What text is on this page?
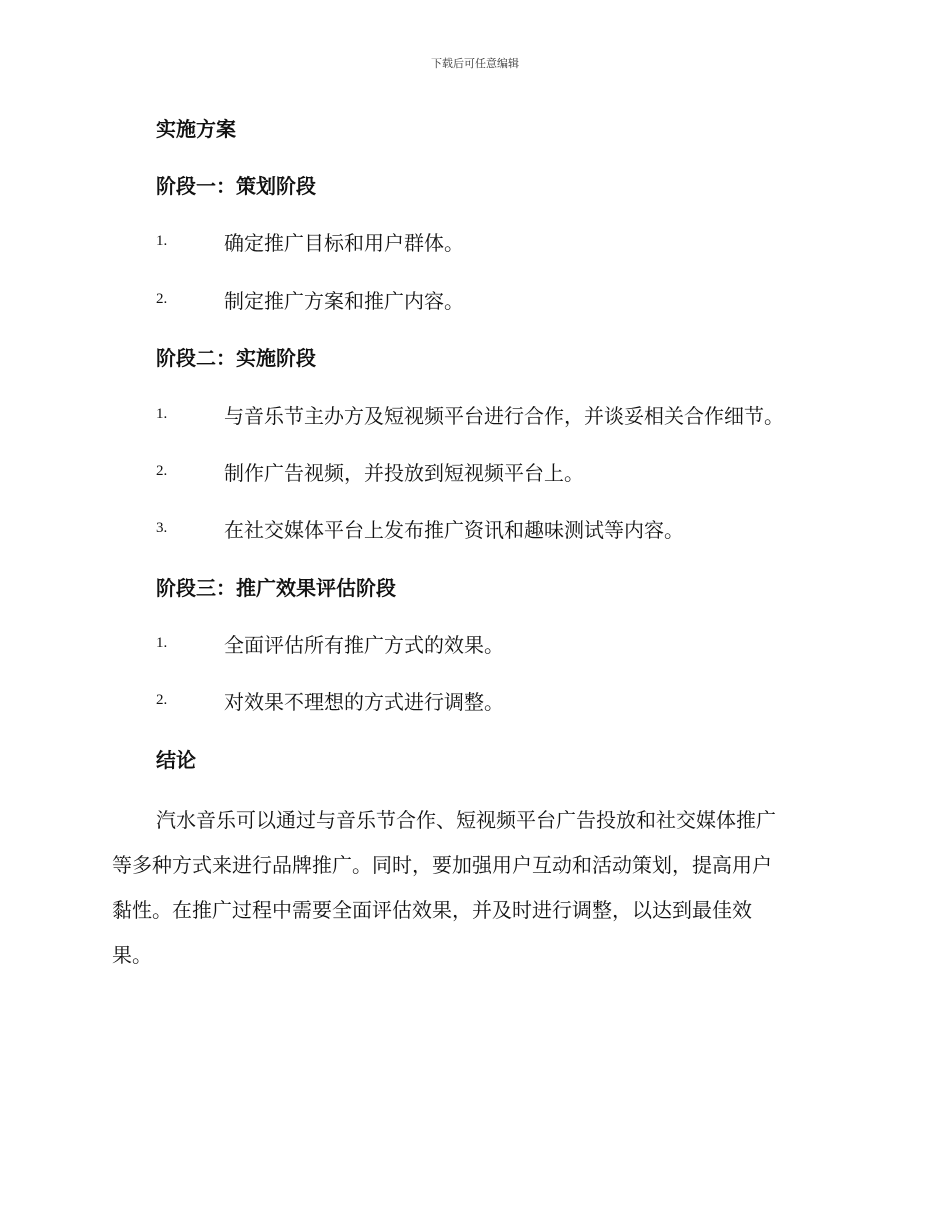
下载后可任意编辑
实施方案
阶段一：策划阶段
1.	确定推广目标和用户群体。
2.	制定推广方案和推广内容。
阶段二：实施阶段
1.	与音乐节主办方及短视频平台进行合作，并谈妥相关合作细节。
2.	制作广告视频，并投放到短视频平台上。
3.	在社交媒体平台上发布推广资讯和趣味测试等内容。
阶段三：推广效果评估阶段
1.	全面评估所有推广方式的效果。
2.	对效果不理想的方式进行调整。
结论
汽水音乐可以通过与音乐节合作、短视频平台广告投放和社交媒体推广
等多种方式来进行品牌推广。同时，要加强用户互动和活动策划，提高用户
黏性。在推广过程中需要全面评估效果，并及时进行调整，以达到最佳效
果。
